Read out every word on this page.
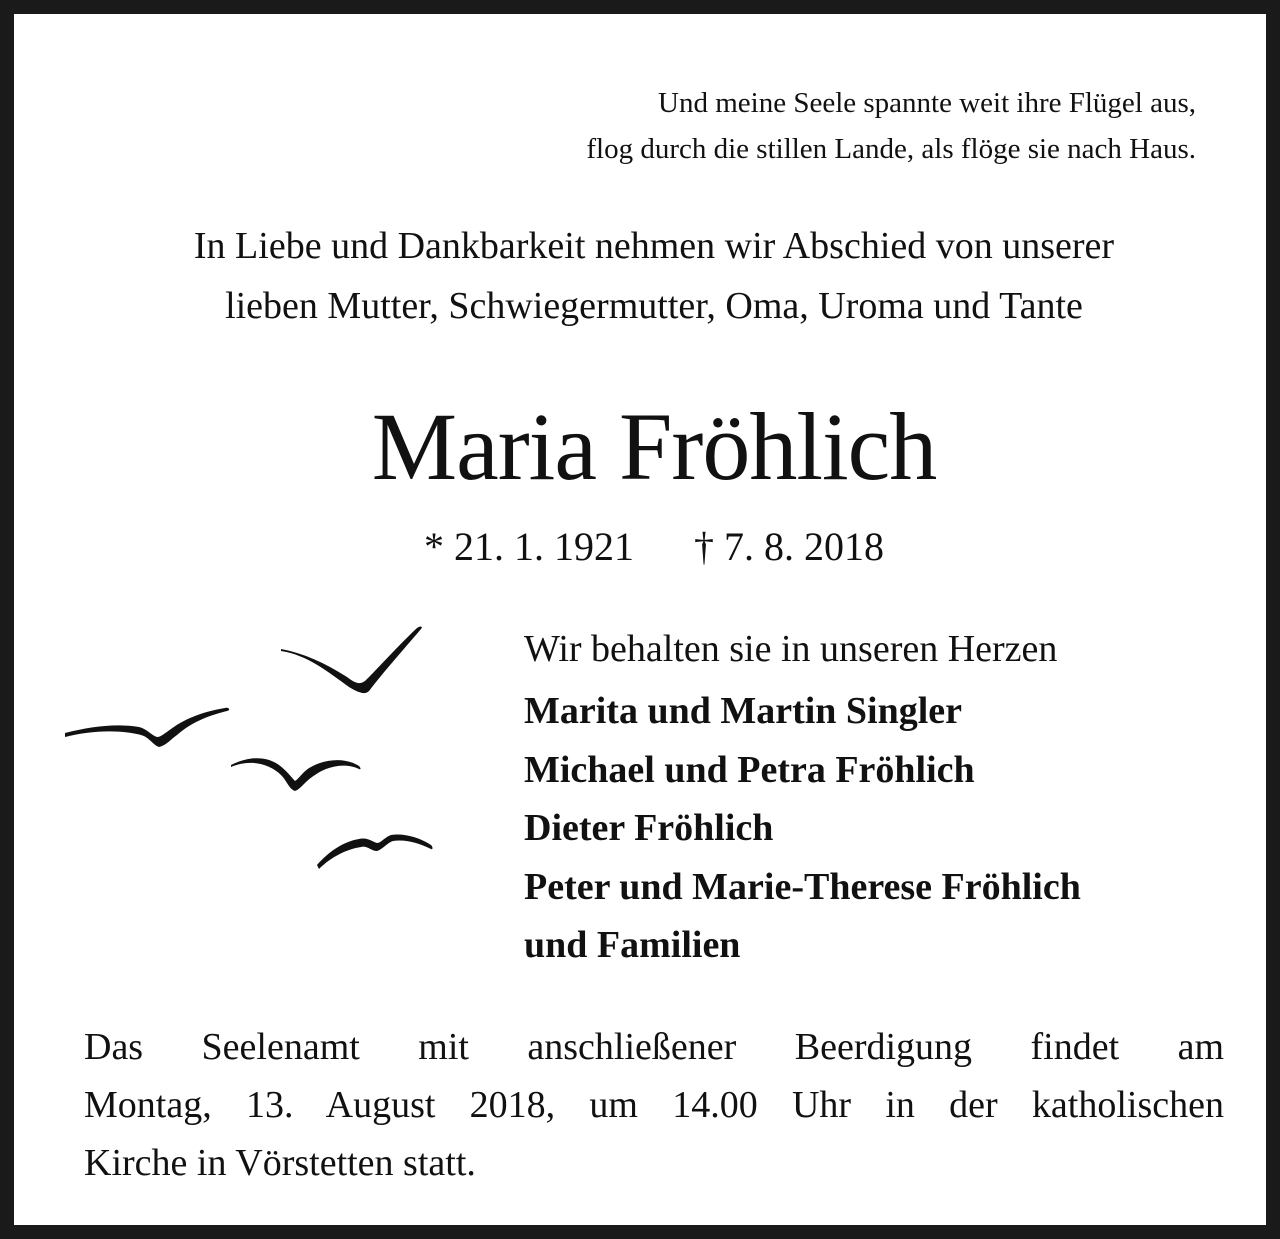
Und meine Seele spannte weit ihre Flügel aus,
flog durch die stillen Lande, als flöge sie nach Haus.
In Liebe und Dankbarkeit nehmen wir Abschied von unserer
lieben Mutter, Schwiegermutter, Oma, Uroma und Tante
Maria Fröhlich
* 21. 1. 1921 † 7. 8. 2018
Wir behalten sie in unseren Herzen
Marita und Martin Singler
Michael und Petra Fröhlich
Dieter Fröhlich
Peter und Marie-Therese Fröhlich
und Familien
Das Seelenamt mit anschließener Beerdigung findet am
Montag, 13. August 2018, um 14.00 Uhr in der katholischen
Kirche in Vörstetten statt.
